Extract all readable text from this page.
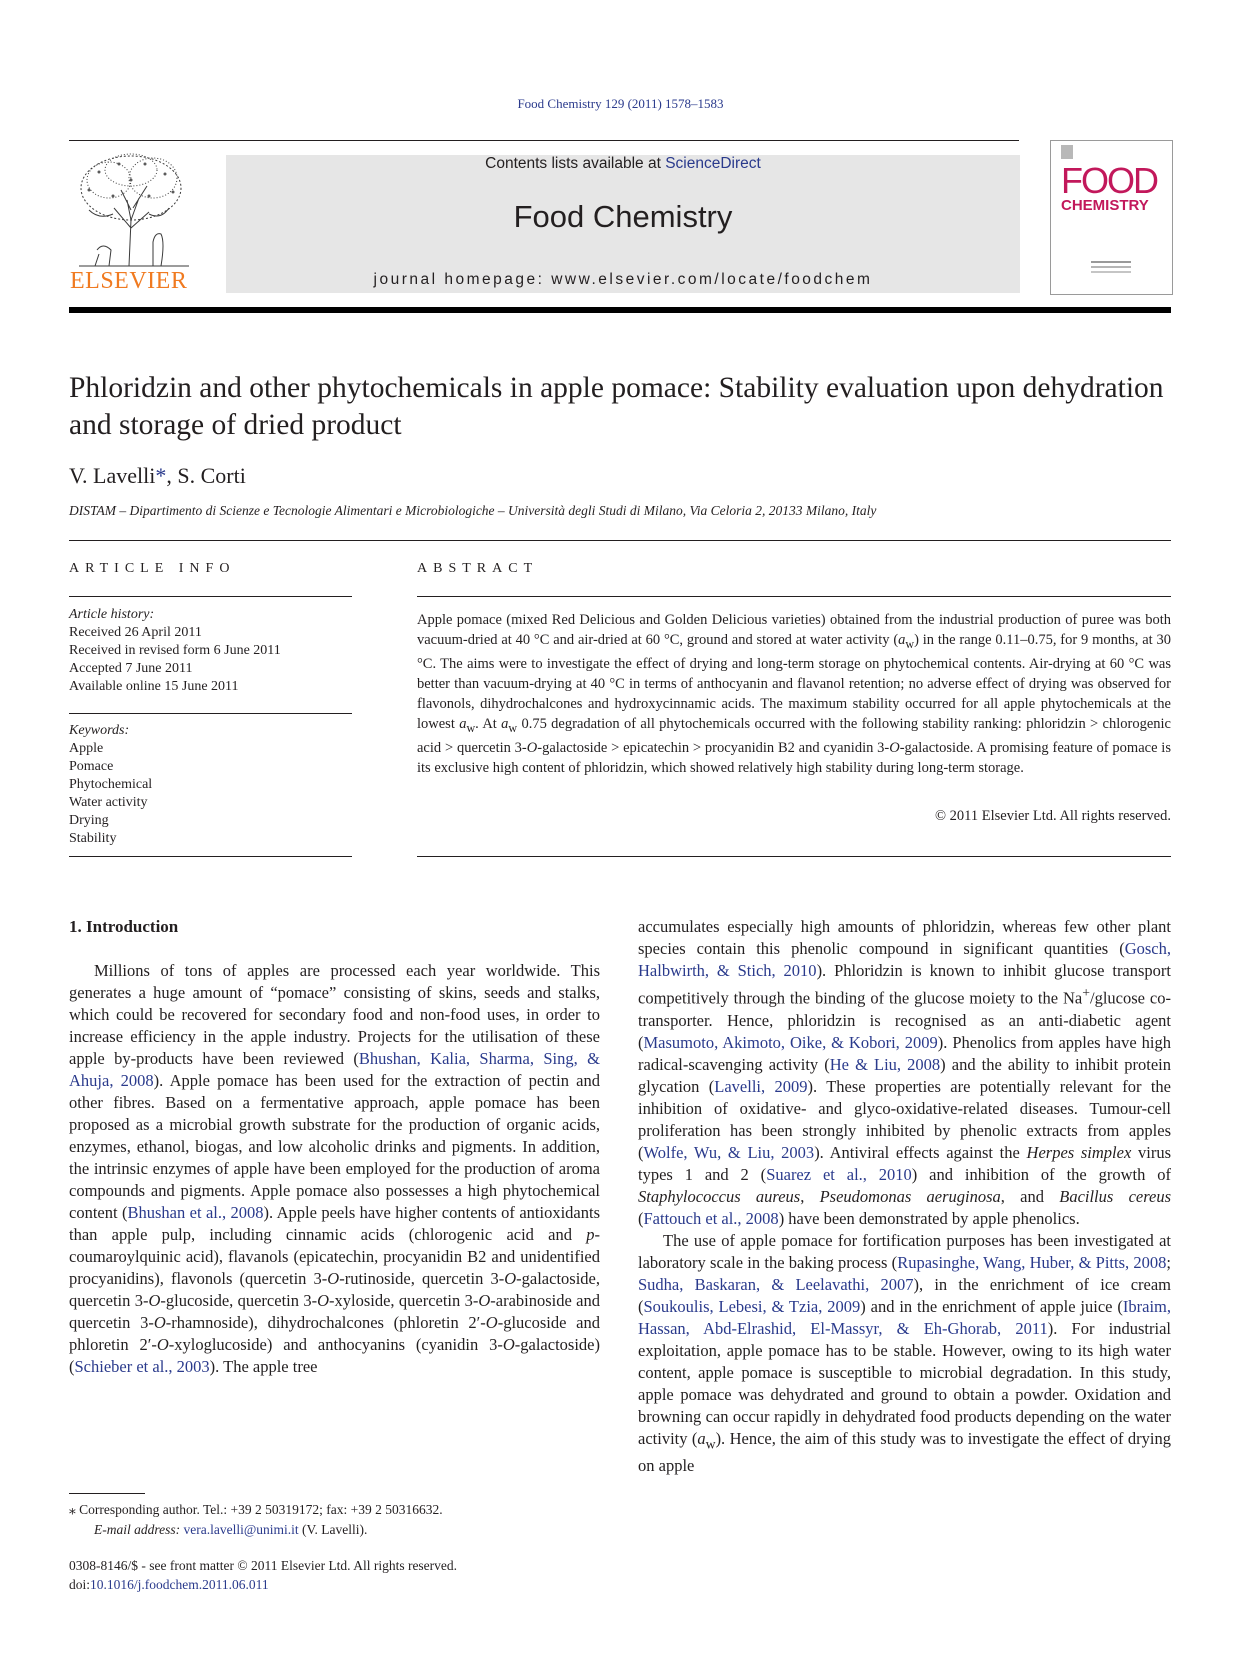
Food Chemistry 129 (2011) 1578–1583
ELSEVIER
Contents lists available at ScienceDirect
Food Chemistry
journal homepage: www.elsevier.com/locate/foodchem
FOOD
CHEMISTRY
Phloridzin and other phytochemicals in apple pomace: Stability evaluation upon dehydration and storage of dried product
V. Lavelli*, S. Corti
DISTAM – Dipartimento di Scienze e Tecnologie Alimentari e Microbiologiche – Università degli Studi di Milano, Via Celoria 2, 20133 Milano, Italy
ARTICLE INFO
Article history:
Received 26 April 2011
Received in revised form 6 June 2011
Accepted 7 June 2011
Available online 15 June 2011
Keywords:
Apple
Pomace
Phytochemical
Water activity
Drying
Stability
ABSTRACT

Apple pomace (mixed Red Delicious and Golden Delicious varieties) obtained from the industrial production of puree was both vacuum-dried at 40 °C and air-dried at 60 °C, ground and stored at water activity $(a_w)$ in the range 0.11–0.75, for 9 months, at 30 °C. The aims were to investigate the effect of drying and long-term storage on phytochemical contents. Air-drying at 60 °C was better than vacuum-drying at 40 °C in terms of anthocyanin and flavanol retention; no adverse effect of drying was observed for flavonols, dihydrochalcones and hydroxycinnamic acids. The maximum stability occurred for all apple phytochemicals at the lowest $a_w$. At $a_w$ 0.75 degradation of all phytochemicals occurred with the following stability ranking: phloridzin > chlorogenic acid > quercetin 3-O-galactoside > epicatechin > procyanidin B2 and cyanidin 3-O-galactoside. A promising feature of pomace is its exclusive high content of phloridzin, which showed relatively high stability during long-term storage.

© 2011 Elsevier Ltd. All rights reserved.
1. Introduction

Millions of tons of apples are processed each year worldwide. This generates a huge amount of “pomace” consisting of skins, seeds and stalks, which could be recovered for secondary food and non-food uses, in order to increase efficiency in the apple industry. Projects for the utilisation of these apple by-products have been reviewed (Bhushan, Kalia, Sharma, Sing, & Ahuja, 2008). Apple pomace has been used for the extraction of pectin and other fibres. Based on a fermentative approach, apple pomace has been proposed as a microbial growth substrate for the production of organic acids, enzymes, ethanol, biogas, and low alcoholic drinks and pigments. In addition, the intrinsic enzymes of apple have been employed for the production of aroma compounds and pigments. Apple pomace also possesses a high phytochemical content (Bhushan et al., 2008). Apple peels have higher contents of antioxidants than apple pulp, including cinnamic acids (chlorogenic acid and p-coumaroylquinic acid), flavanols (epicatechin, procyanidin B2 and unidentified procyanidins), flavonols (quercetin 3-O-rutinoside, quercetin 3-O-galactoside, quercetin 3-O-glucoside, quercetin 3-O-xyloside, quercetin 3-O-arabinoside and quercetin 3-O-rhamnoside), dihydrochalcones (phloretin 2′-O-glucoside and phloretin 2′-O-xyloglucoside) and anthocyanins (cyanidin 3-O-galactoside) (Schieber et al., 2003). The apple tree

accumulates especially high amounts of phloridzin, whereas few other plant species contain this phenolic compound in significant quantities (Gosch, Halbwirth, & Stich, 2010). Phloridzin is known to inhibit glucose transport competitively through the binding of the glucose moiety to the Na+/glucose co-transporter. Hence, phloridzin is recognised as an anti-diabetic agent (Masumoto, Akimoto, Oike, & Kobori, 2009). Phenolics from apples have high radical-scavenging activity (He & Liu, 2008) and the ability to inhibit protein glycation (Lavelli, 2009). These properties are potentially relevant for the inhibition of oxidative- and glyco-oxidative-related diseases. Tumour-cell proliferation has been strongly inhibited by phenolic extracts from apples (Wolfe, Wu, & Liu, 2003). Antiviral effects against the Herpes simplex virus types 1 and 2 (Suarez et al., 2010) and inhibition of the growth of Staphylococcus aureus, Pseudomonas aeruginosa, and Bacillus cereus (Fattouch et al., 2008) have been demonstrated by apple phenolics.

The use of apple pomace for fortification purposes has been investigated at laboratory scale in the baking process (Rupasinghe, Wang, Huber, & Pitts, 2008; Sudha, Baskaran, & Leelavathi, 2007), in the enrichment of ice cream (Soukoulis, Lebesi, & Tzia, 2009) and in the enrichment of apple juice (Ibraim, Hassan, Abd-Elrashid, El-Massyr, & Eh-Ghorab, 2011). For industrial exploitation, apple pomace has to be stable. However, owing to its high water content, apple pomace is susceptible to microbial degradation. In this study, apple pomace was dehydrated and ground to obtain a powder. Oxidation and browning can occur rapidly in dehydrated food products depending on the water activity $(a_w)$. Hence, the aim of this study was to investigate the effect of drying on apple

⁎ Corresponding author. Tel.: +39 2 50319172; fax: +39 2 50316632.
E-mail address: vera.lavelli@unimi.it (V. Lavelli).
0308-8146/$ - see front matter © 2011 Elsevier Ltd. All rights reserved.
doi:10.1016/j.foodchem.2011.06.011
